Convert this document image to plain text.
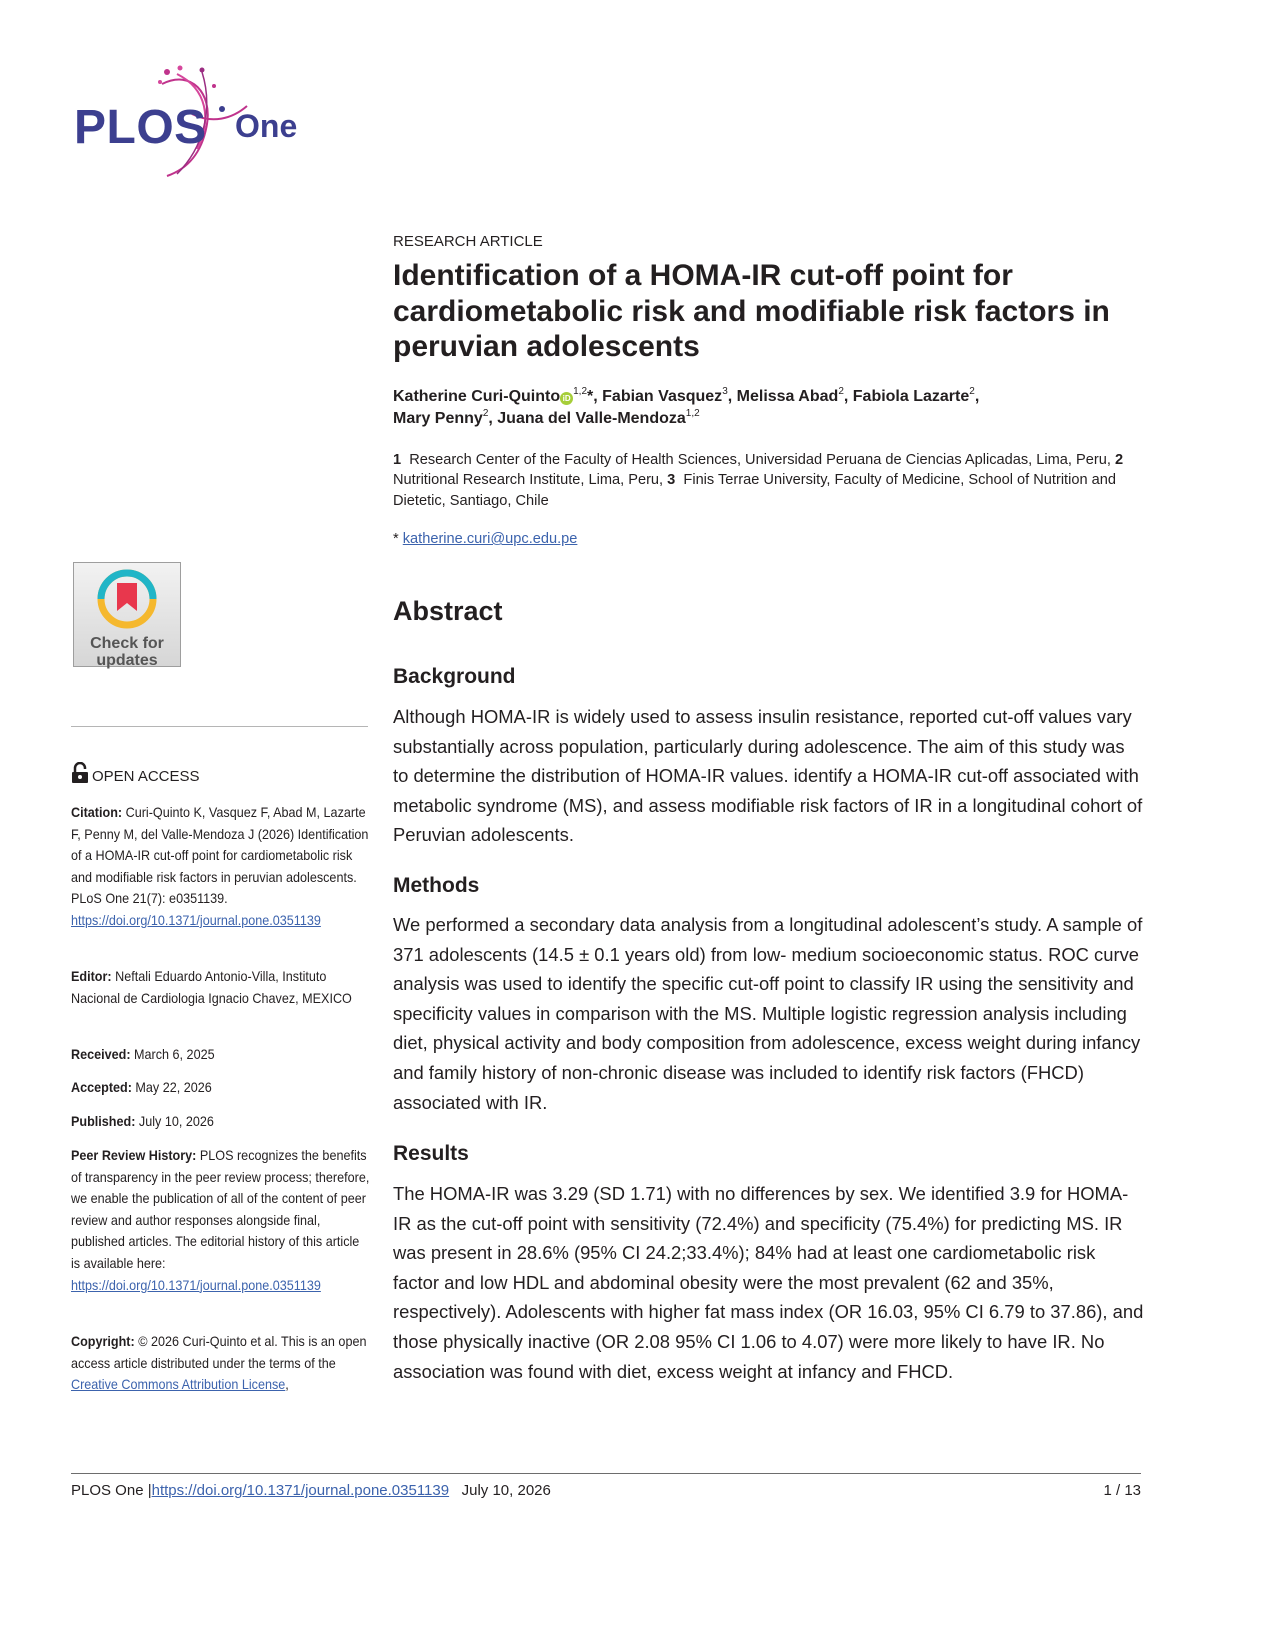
PLOS One
Check for
updates
OPEN ACCESS
Citation: Curi-Quinto K, Vasquez F, Abad M, Lazarte F, Penny M, del Valle-Mendoza J (2026) Identification of a HOMA-IR cut-off point for cardiometabolic risk and modifiable risk factors in peruvian adolescents. PLoS One 21(7): e0351139. https://doi.org/10.1371/journal.pone.0351139
Editor: Neftali Eduardo Antonio-Villa, Instituto Nacional de Cardiologia Ignacio Chavez, MEXICO
Received: March 6, 2025
Accepted: May 22, 2026
Published: July 10, 2026
Peer Review History: PLOS recognizes the benefits of transparency in the peer review process; therefore, we enable the publication of all of the content of peer review and author responses alongside final, published articles. The editorial history of this article is available here: https://doi.org/10.1371/journal.pone.0351139
Copyright: © 2026 Curi-Quinto et al. This is an open access article distributed under the terms of the Creative Commons Attribution License,
RESEARCH ARTICLE
Identification of a HOMA-IR cut-off point for cardiometabolic risk and modifiable risk factors in peruvian adolescents
Katherine Curi-Quinto iD$^{1,2}$*, Fabian Vasquez$^3$, Melissa Abad$^2$, Fabiola Lazarte$^2$,
Mary Penny$^2$, Juana del Valle-Mendoza$^{1,2}$
1 Research Center of the Faculty of Health Sciences, Universidad Peruana de Ciencias Aplicadas, Lima, Peru, 2  Nutritional Research Institute, Lima, Peru, 3 Finis Terrae University, Faculty of Medicine, School of Nutrition and Dietetic, Santiago, Chile
* katherine.curi@upc.edu.pe
Abstract
Background

Although HOMA-IR is widely used to assess insulin resistance, reported cut-off values vary substantially across population, particularly during adolescence. The aim of this study was to determine the distribution of HOMA-IR values. identify a HOMA-IR cut-off associated with metabolic syndrome (MS), and assess modifiable risk factors of IR in a longitudinal cohort of Peruvian adolescents.

Methods

We performed a secondary data analysis from a longitudinal adolescent’s study. A sample of 371 adolescents (14.5 ± 0.1 years old) from low- medium socioeconomic status. ROC curve analysis was used to identify the specific cut-off point to classify IR using the sensitivity and specificity values in comparison with the MS. Multiple logistic regression analysis including diet, physical activity and body composition from adolescence, excess weight during infancy and family history of non-chronic disease was included to identify risk factors (FHCD) associated with IR.

Results

The HOMA-IR was 3.29 (SD 1.71) with no differences by sex. We identified 3.9 for HOMA-IR as the cut-off point with sensitivity (72.4%) and specificity (75.4%) for predicting MS. IR was present in 28.6% (95% CI 24.2;33.4%); 84% had at least one cardiometabolic risk factor and low HDL and abdominal obesity were the most prevalent (62 and 35%, respectively). Adolescents with higher fat mass index (OR 16.03, 95% CI 6.79 to 37.86), and those physically inactive (OR 2.08 95% CI 1.06 to 4.07) were more likely to have IR. No association was found with diet, excess weight at infancy and FHCD.

PLOS One |https://doi.org/10.1371/journal.pone.0351139 July 10, 2026	1 / 13
